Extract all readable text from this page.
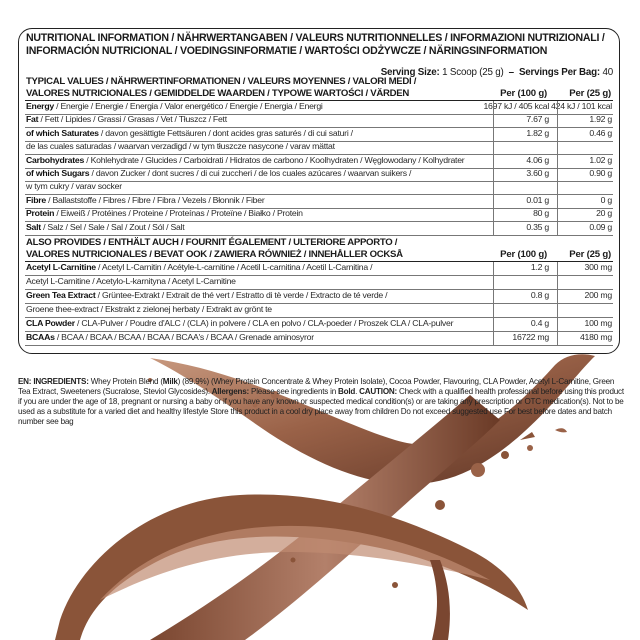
NUTRITIONAL INFORMATION / NÄHRWERTANGABEN / VALEURS NUTRITIONNELLES / INFORMAZIONI NUTRIZIONALI /
INFORMACIÓN NUTRICIONAL / VOEDINGSINFORMATIE / WARTOŚCI ODŻYWCZE / NÄRINGSINFORMATION
Serving Size: 1 Scoop (25 g) – Servings Per Bag: 40
TYPICAL VALUES / NÄHRWERTINFORMATIONEN / VALEURS MOYENNES / VALORI MEDI /
VALORES NUTRICIONALES / GEMIDDELDE WAARDEN / TYPOWE WARTOŚCI / VÄRDEN	Per (100 g) Per (25 g)
Energy / Energie / Energie / Energia / Valor energético / Energie / Energia / Energi	1697 kJ / 405 kcal 424 kJ / 101 kcal
Fat / Fett / Lipides / Grassi / Grasas / Vet / Tłuszcz / Fett	7.67 g	1.92 g
of which Saturates / davon gesättigte Fettsäuren / dont acides gras saturés / di cui saturi /	1.82 g	0.46 g
de las cuales saturadas / waarvan verzadigd / w tym tłuszcze nasycone / varav mättat
Carbohydrates / Kohlehydrate / Glucides / Carboidrati / Hidratos de carbono / Koolhydraten / Węglowodany / Kolhydrater	4.06 g	1.02 g
of which Sugars / davon Zucker / dont sucres / di cui zuccheri / de los cuales azúcares / waarvan suikers /	3.60 g	0.90 g
w tym cukry / varav socker
Fibre / Ballaststoffe / Fibres / Fibre / Fibra / Vezels / Błonnik / Fiber	0.01 g	0 g
Protein / Eiweiß / Protéines / Proteine / Proteínas / Proteïne / Białko / Protein	80 g	20 g
Salt / Salz / Sel / Sale / Sal / Zout / Sól / Salt	0.35 g	0.09 g
ALSO PROVIDES / ENTHÄLT AUCH / FOURNIT ÉGALEMENT / ULTERIORE APPORTO /
VALORES NUTRICIONALES / BEVAT OOK / ZAWIERA RÓWNIEŻ / INNEHÅLLER OCKSÅ	Per (100 g) Per (25 g)
Acetyl L-Carnitine / Acetyl L-Carnitin / Acétyle-L-carnitine / Acetil L-carnitina / Acetil L-Carnitina /	1.2 g	300 mg
Acetyl L-Carnitine / Acetylo-L-karnityna / Acetyl L-Carnitine
Green Tea Extract / Grüntee-Extrakt / Extrait de thé vert / Estratto di tè verde / Extracto de té verde /	0.8 g	200 mg
Groene thee-extract / Ekstrakt z zielonej herbaty / Extrakt av grönt te
CLA Powder / CLA-Pulver / Poudre d'ALC / (CLA) in polvere / CLA en polvo / CLA-poeder / Proszek CLA / CLA-pulver	0.4 g	100 mg
BCAAs / BCAA / BCAA / BCAA / BCAA / BCAA's / BCAA / Grenade aminosyror	16722 mg	4180 mg
EN: INGREDIENTS: Whey Protein Blend (Milk) (89.9%) (Whey Protein Concentrate & Whey Protein Isolate), Cocoa Powder, Flavouring, CLA Powder, Acetyl L-Carnitine, Green Tea Extract, Sweeteners (Sucralose, Steviol Glycosides). Allergens: Please see ingredients in Bold. CAUTION: Check with a qualified health professional before using this product if you are under the age of 18, pregnant or nursing a baby or if you have any known or suspected medical condition(s) or are taking any prescription or OTC medication(s). Not to be used as a substitute for a varied diet and healthy lifestyle Store this product in a cool dry place away from children Do not exceed suggested use For best before dates and batch number see bag
